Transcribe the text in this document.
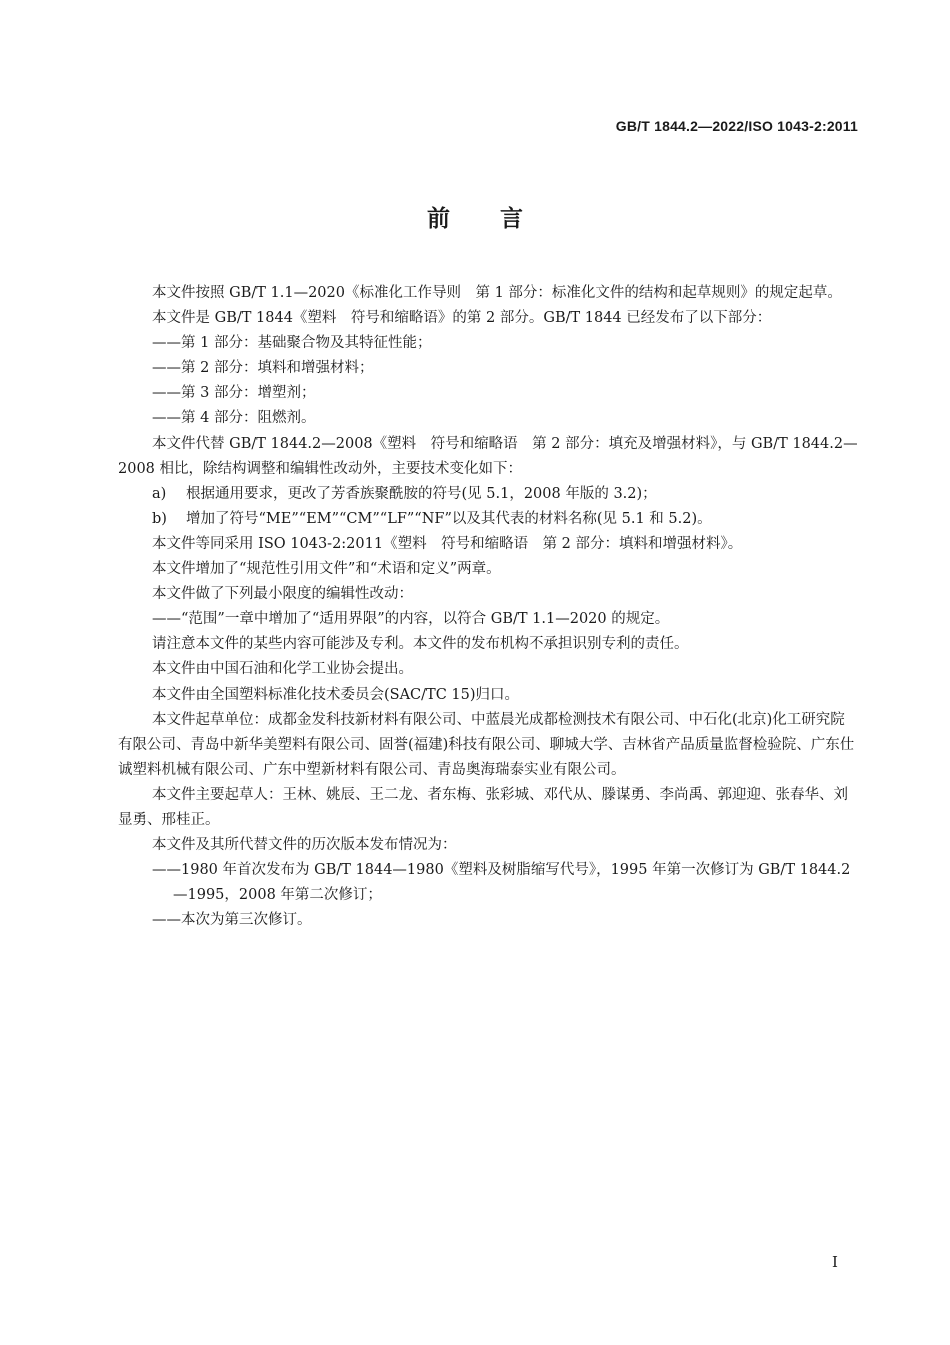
GB/T 1844.2—2022/ISO 1043-2:2011
前言

本文件按照 GB/T 1.1—2020《标准化工作导则　第 1 部分：标准化文件的结构和起草规则》的规定起草。

本文件是 GB/T 1844《塑料　符号和缩略语》的第 2 部分。GB/T 1844 已经发布了以下部分：

——第 1 部分：基础聚合物及其特征性能；

——第 2 部分：填料和增强材料；

——第 3 部分：增塑剂；

——第 4 部分：阻燃剂。

本文件代替 GB/T 1844.2—2008《塑料　符号和缩略语　第 2 部分：填充及增强材料》，与 GB/T 1844.2—2008 相比，除结构调整和编辑性改动外，主要技术变化如下：

a) 根据通用要求，更改了芳香族聚酰胺的符号(见 5.1，2008 年版的 3.2)；

b) 增加了符号“ME”“EM”“CM”“LF”“NF”以及其代表的材料名称(见 5.1 和 5.2)。

本文件等同采用 ISO 1043-2:2011《塑料　符号和缩略语　第 2 部分：填料和增强材料》。

本文件增加了“规范性引用文件”和“术语和定义”两章。

本文件做了下列最小限度的编辑性改动：

——“范围”一章中增加了“适用界限”的内容，以符合 GB/T 1.1—2020 的规定。

请注意本文件的某些内容可能涉及专利。本文件的发布机构不承担识别专利的责任。

本文件由中国石油和化学工业协会提出。

本文件由全国塑料标准化技术委员会(SAC/TC 15)归口。

本文件起草单位：成都金发科技新材料有限公司、中蓝晨光成都检测技术有限公司、中石化(北京)化工研究院有限公司、青岛中新华美塑料有限公司、固誉(福建)科技有限公司、聊城大学、吉林省产品质量监督检验院、广东仕诚塑料机械有限公司、广东中塑新材料有限公司、青岛奥海瑞泰实业有限公司。

本文件主要起草人：王林、姚辰、王二龙、者东梅、张彩城、邓代从、滕谋勇、李尚禹、郭迎迎、张春华、刘显勇、邢桂正。

本文件及其所代替文件的历次版本发布情况为：

——1980 年首次发布为 GB/T 1844—1980《塑料及树脂缩写代号》，1995 年第一次修订为 GB/T 1844.2—1995，2008 年第二次修订；

——本次为第三次修订。

I
